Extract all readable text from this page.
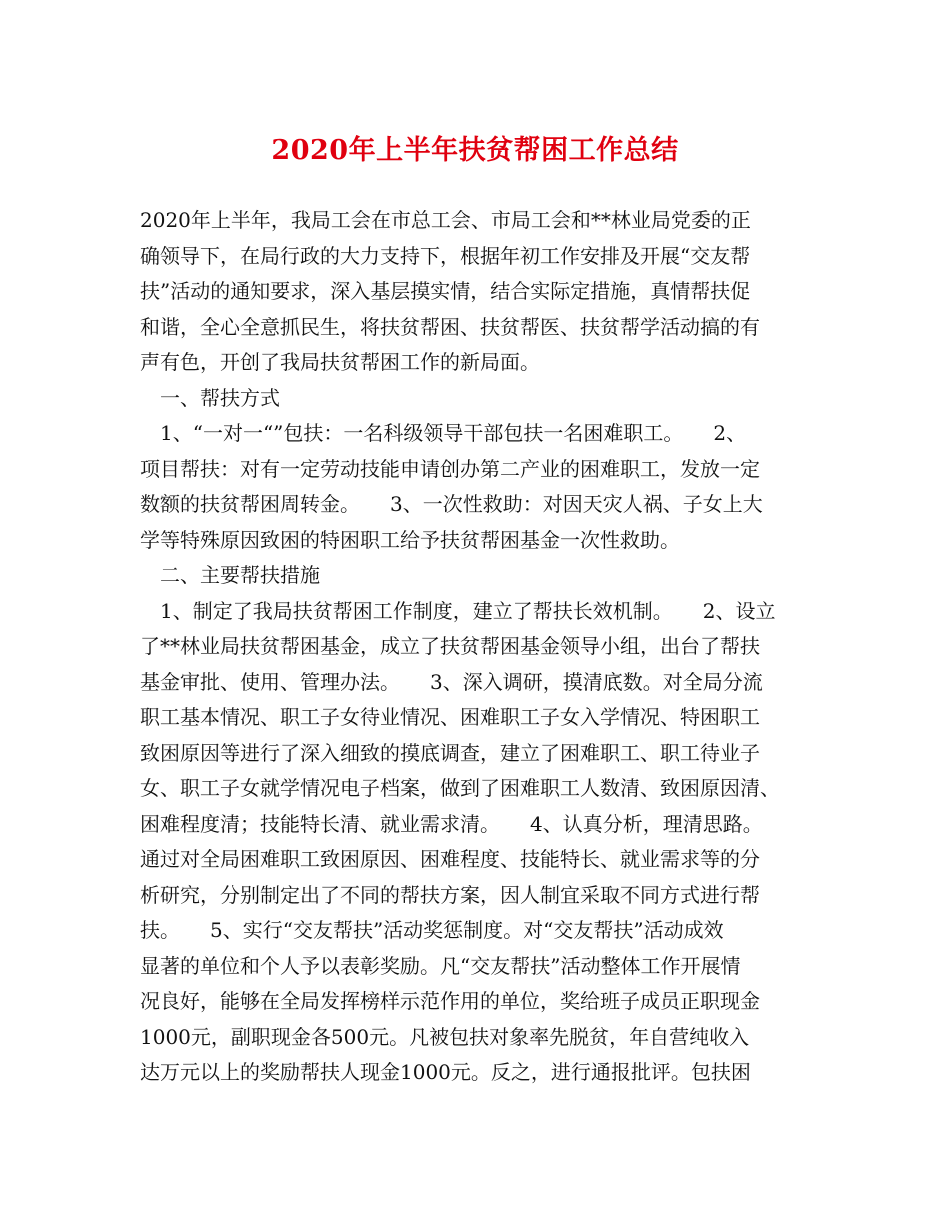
2020年上半年扶贫帮困工作总结
2020年上半年，我局工会在市总工会、市局工会和**林业局党委的正
确领导下，在局行政的大力支持下，根据年初工作安排及开展“交友帮
扶”活动的通知要求，深入基层摸实情，结合实际定措施，真情帮扶促
和谐，全心全意抓民生，将扶贫帮困、扶贫帮医、扶贫帮学活动搞的有
声有色，开创了我局扶贫帮困工作的新局面。
　一、帮扶方式
　1、“一对一“”包扶：一名科级领导干部包扶一名困难职工。　　2、
项目帮扶：对有一定劳动技能申请创办第二产业的困难职工，发放一定
数额的扶贫帮困周转金。　　3、一次性救助：对因天灾人祸、子女上大
学等特殊原因致困的特困职工给予扶贫帮困基金一次性救助。
　二、主要帮扶措施
　1、制定了我局扶贫帮困工作制度，建立了帮扶长效机制。　　2、设立
了**林业局扶贫帮困基金，成立了扶贫帮困基金领导小组，出台了帮扶
基金审批、使用、管理办法。　　3、深入调研，摸清底数。对全局分流
职工基本情况、职工子女待业情况、困难职工子女入学情况、特困职工
致困原因等进行了深入细致的摸底调查，建立了困难职工、职工待业子
女、职工子女就学情况电子档案，做到了困难职工人数清、致困原因清、
困难程度清；技能特长清、就业需求清。　　4、认真分析，理清思路。
通过对全局困难职工致困原因、困难程度、技能特长、就业需求等的分
析研究，分别制定出了不同的帮扶方案，因人制宜采取不同方式进行帮
扶。　　5、实行“交友帮扶”活动奖惩制度。对“交友帮扶”活动成效
显著的单位和个人予以表彰奖励。凡“交友帮扶”活动整体工作开展情
况良好，能够在全局发挥榜样示范作用的单位，奖给班子成员正职现金
1000元，副职现金各500元。凡被包扶对象率先脱贫，年自营纯收入
达万元以上的奖励帮扶人现金1000元。反之，进行通报批评。包扶困
